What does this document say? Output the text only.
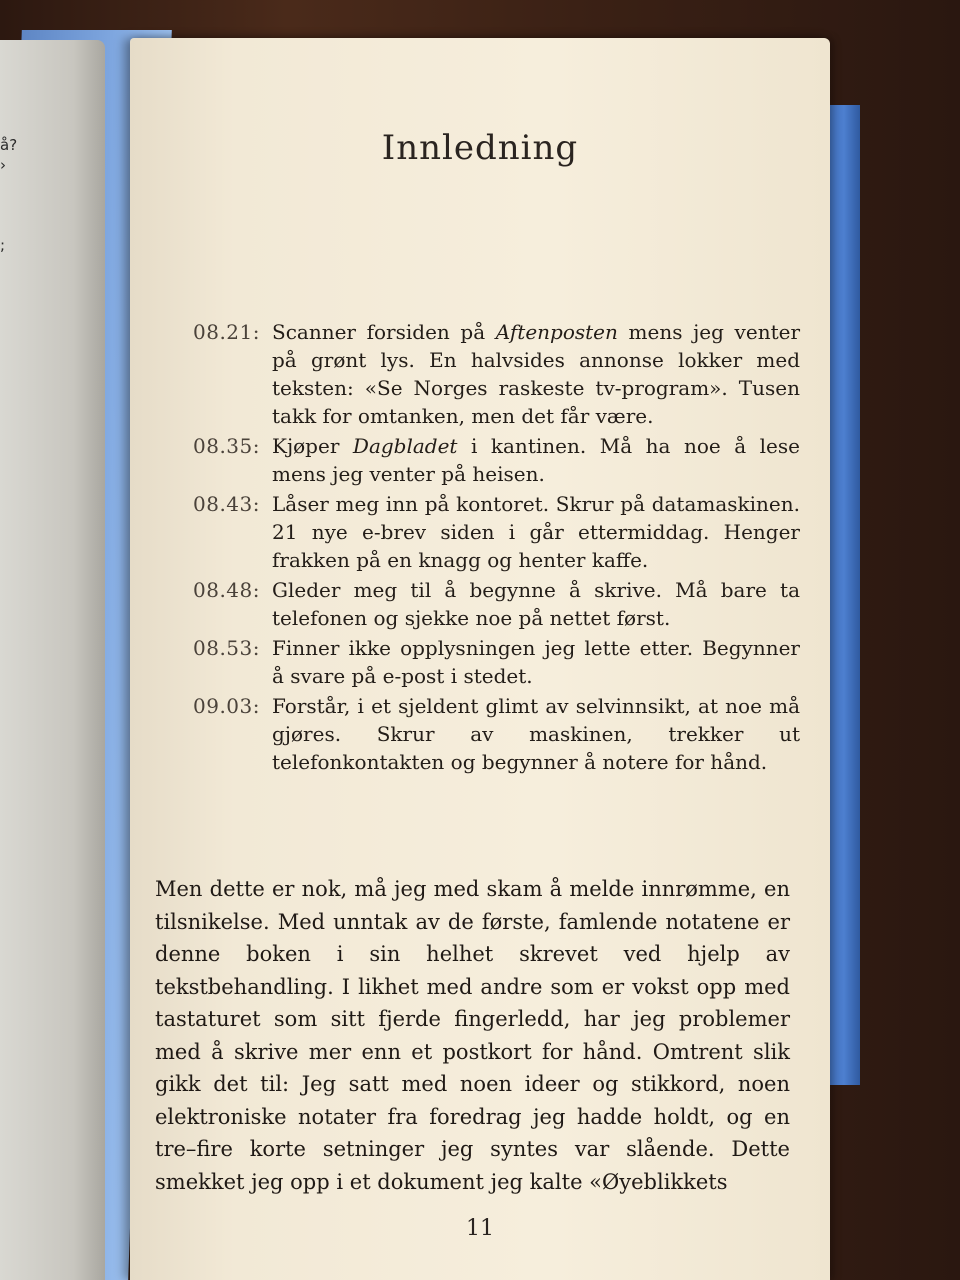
å?
›
;
Innledning
08.21: Scanner forsiden på Aftenposten mens jeg venter på grønt lys. En halvsides annonse lokker med teksten: «Se Norges raskeste tv-program». Tusen takk for omtanken, men det får være.
08.35: Kjøper Dagbladet i kantinen. Må ha noe å lese mens jeg venter på heisen.
08.43: Låser meg inn på kontoret. Skrur på datamaskinen. 21 nye e-brev siden i går ettermiddag. Henger frakken på en knagg og henter kaffe.
08.48: Gleder meg til å begynne å skrive. Må bare ta telefonen og sjekke noe på nettet først.
08.53: Finner ikke opplysningen jeg lette etter. Begynner å svare på e-post i stedet.
09.03: Forstår, i et sjeldent glimt av selvinnsikt, at noe må gjøres. Skrur av maskinen, trekker ut telefonkontakten og begynner å notere for hånd.
Men dette er nok, må jeg med skam å melde innrømme, en tilsnikelse. Med unntak av de første, famlende notatene er denne boken i sin helhet skrevet ved hjelp av tekstbehandling. I likhet med andre som er vokst opp med tastaturet som sitt fjerde fingerledd, har jeg problemer med å skrive mer enn et postkort for hånd. Omtrent slik gikk det til: Jeg satt med noen ideer og stikkord, noen elektroniske notater fra foredrag jeg hadde holdt, og en tre–fire korte setninger jeg syntes var slående. Dette smekket jeg opp i et dokument jeg kalte «Øyeblikkets
11
